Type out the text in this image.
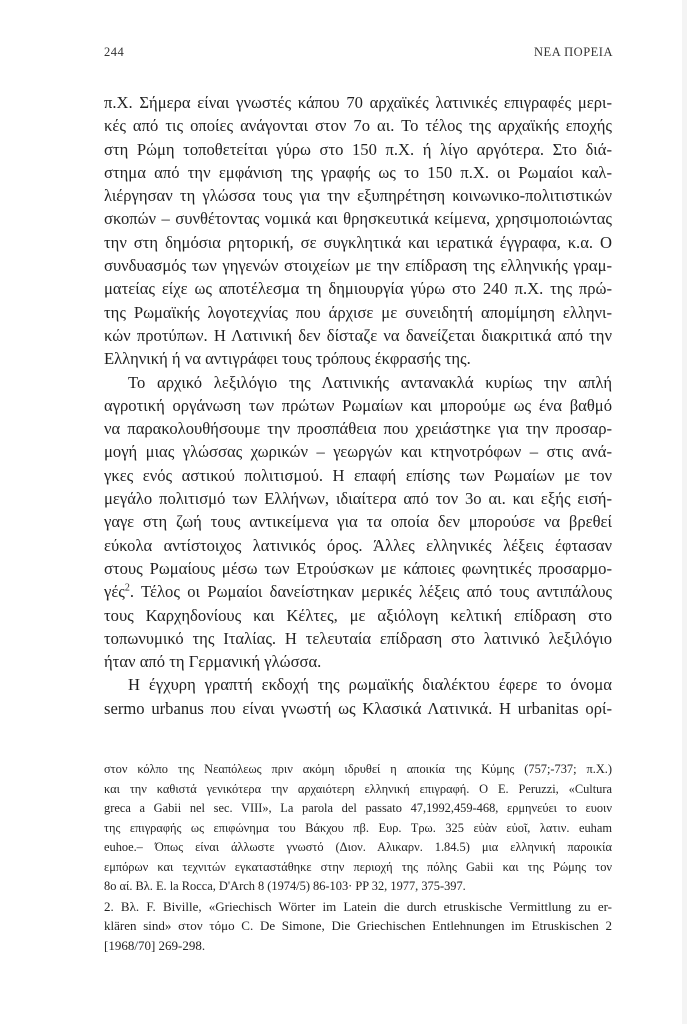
244	ΝΕΑ ΠΟΡΕΙΑ

π.Χ. Σήμερα είναι γνωστές κάπου 70 αρχαϊκές λατινικές επιγραφές μερι-
κές από τις οποίες ανάγονται στον 7ο αι. Το τέλος της αρχαϊκής εποχής
στη Ρώμη τοποθετείται γύρω στο 150 π.Χ. ή λίγο αργότερα. Στο διά-
στημα από την εμφάνιση της γραφής ως το 150 π.Χ. οι Ρωμαίοι καλ-
λιέργησαν τη γλώσσα τους για την εξυπηρέτηση κοινωνικο-πολιτιστικών
σκοπών – συνθέτοντας νομικά και θρησκευτικά κείμενα, χρησιμοποιώντας
την στη δημόσια ρητορική, σε συγκλητικά και ιερατικά έγγραφα, κ.α. Ο
συνδυασμός των γηγενών στοιχείων με την επίδραση της ελληνικής γραμ-
ματείας είχε ως αποτέλεσμα τη δημιουργία γύρω στο 240 π.Χ. της πρώ-
της Ρωμαϊκής λογοτεχνίας που άρχισε με συνειδητή απομίμηση ελληνι-
κών προτύπων. Η Λατινική δεν δίσταζε να δανείζεται διακριτικά από την
Ελληνική ή να αντιγράφει τους τρόπους έκφρασής της.

Το αρχικό λεξιλόγιο της Λατινικής αντανακλά κυρίως την απλή
αγροτική οργάνωση των πρώτων Ρωμαίων και μπορούμε ως ένα βαθμό
να παρακολουθήσουμε την προσπάθεια που χρειάστηκε για την προσαρ-
μογή μιας γλώσσας χωρικών – γεωργών και κτηνοτρόφων – στις ανά-
γκες ενός αστικού πολιτισμού. Η επαφή επίσης των Ρωμαίων με τον
μεγάλο πολιτισμό των Ελλήνων, ιδιαίτερα από τον 3ο αι. και εξής εισή-
γαγε στη ζωή τους αντικείμενα για τα οποία δεν μπορούσε να βρεθεί
εύκολα αντίστοιχος λατινικός όρος. Άλλες ελληνικές λέξεις έφτασαν
στους Ρωμαίους μέσω των Ετρούσκων με κάποιες φωνητικές προσαρμο-
γές$^2$. Τέλος οι Ρωμαίοι δανείστηκαν μερικές λέξεις από τους αντιπάλους
τους Καρχηδονίους και Κέλτες, με αξιόλογη κελτική επίδραση στο
τοπωνυμικό της Ιταλίας. Η τελευταία επίδραση στο λατινικό λεξιλόγιο
ήταν από τη Γερμανική γλώσσα.

Η έγχυρη γραπτή εκδοχή της ρωμαϊκής διαλέκτου έφερε το όνομα
sermo urbanus που είναι γνωστή ως Κλασικά Λατινικά. Η urbanitas ορί-

στον κόλπο της Νεαπόλεως πριν ακόμη ιδρυθεί η αποικία της Κύμης (757;-737; π.Χ.)
και την καθιστά γενικότερα την αρχαιότερη ελληνική επιγραφή. Ο E. Peruzzi, «Cultura
greca a Gabii nel sec. VIII», La parola del passato 47,1992,459-468, ερμηνεύει το ευοιν
της επιγραφής ως επιφώνημα του Βάκχου πβ. Ευρ. Τρω. 325 εὐὰν εὐοῖ, λατιν. euham
euhoe.– Όπως είναι άλλωστε γνωστό (Διον. Αλικαρν. 1.84.5) μια ελληνική παροικία
εμπόρων και τεχνιτών εγκαταστάθηκε στην περιοχή της πόλης Gabii και της Ρώμης τον
8ο αί. Βλ. E. la Rocca, D'Arch 8 (1974/5) 86-103· PP 32, 1977, 375-397.
2. Βλ. F. Biville, «Griechisch Wörter im Latein die durch etruskische Vermittlung zu er-
klären sind» στον τόμο C. De Simone, Die Griechischen Entlehnungen im Etruskischen 2
[1968/70] 269-298.
